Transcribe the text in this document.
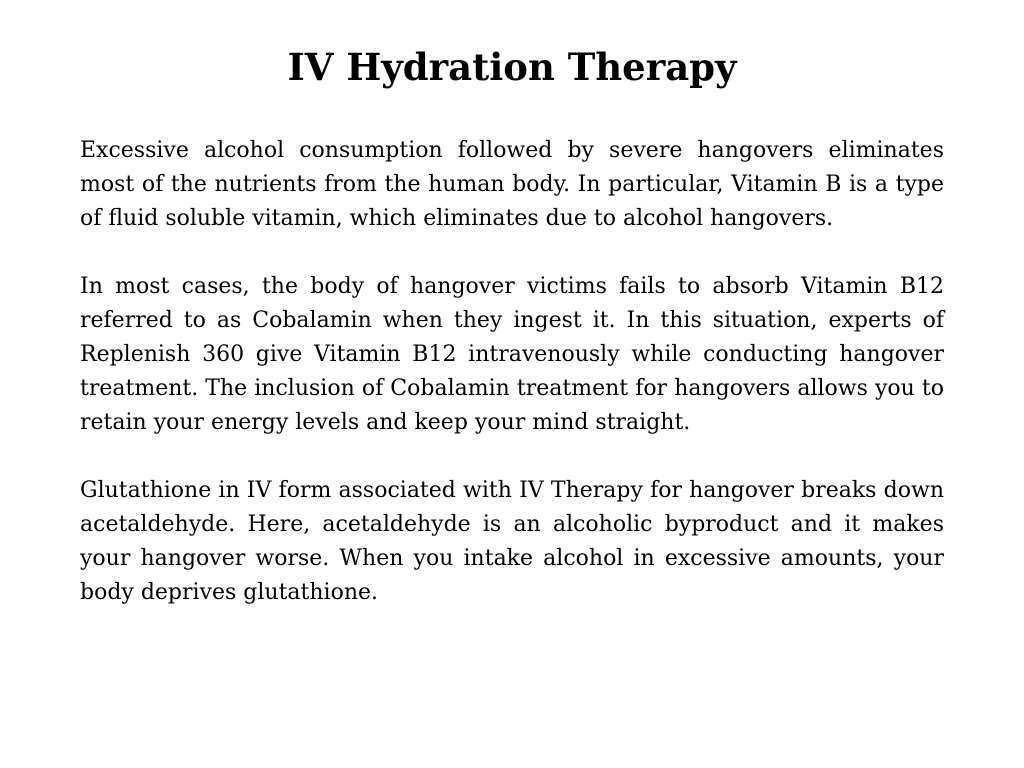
IV Hydration Therapy

Excessive alcohol consumption followed by severe hangovers eliminates most of the nutrients from the human body. In particular, Vitamin B is a type of fluid soluble vitamin, which eliminates due to alcohol hangovers.

In most cases, the body of hangover victims fails to absorb Vitamin B12 referred to as Cobalamin when they ingest it. In this situation, experts of Replenish 360 give Vitamin B12 intravenously while conducting hangover treatment. The inclusion of Cobalamin treatment for hangovers allows you to retain your energy levels and keep your mind straight.

Glutathione in IV form associated with IV Therapy for hangover breaks down acetaldehyde. Here, acetaldehyde is an alcoholic byproduct and it makes your hangover worse. When you intake alcohol in excessive amounts, your body deprives glutathione.
